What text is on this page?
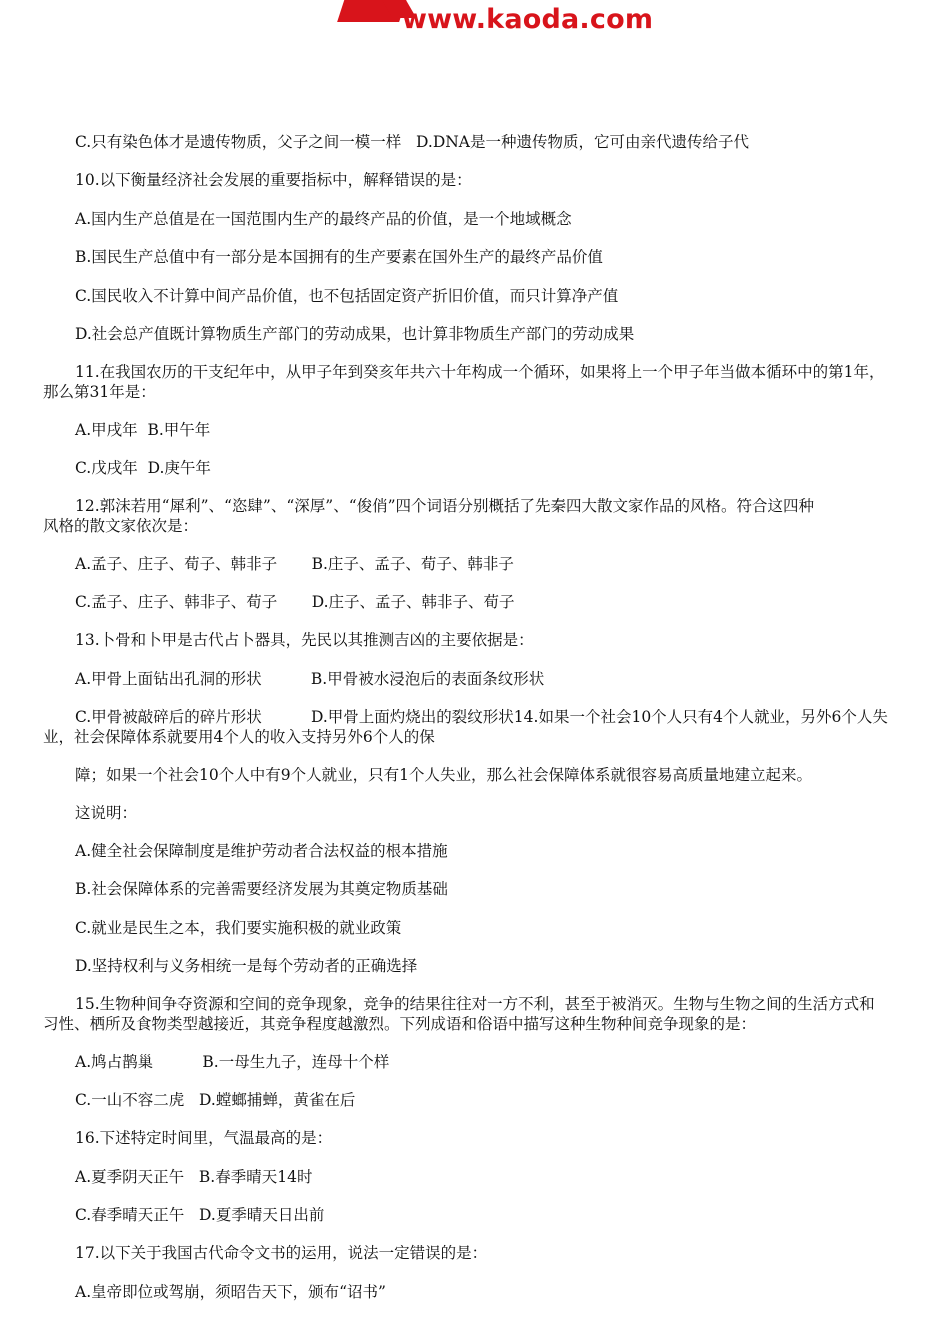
www.kaoda.com
C.只有染色体才是遗传物质，父子之间一模一样   D.DNA是一种遗传物质，它可由亲代遗传给子代
10.以下衡量经济社会发展的重要指标中，解释错误的是：
A.国内生产总值是在一国范围内生产的最终产品的价值，是一个地域概念
B.国民生产总值中有一部分是本国拥有的生产要素在国外生产的最终产品价值
C.国民收入不计算中间产品价值，也不包括固定资产折旧价值，而只计算净产值
D.社会总产值既计算物质生产部门的劳动成果，也计算非物质生产部门的劳动成果
11.在我国农历的干支纪年中，从甲子年到癸亥年共六十年构成一个循环，如果将上一个甲子年当做本循环中的第1年，
那么第31年是：
A.甲戌年  B.甲午年
C.戊戌年  D.庚午年
12.郭沫若用“犀利”、“恣肆”、“深厚”、“俊俏”四个词语分别概括了先秦四大散文家作品的风格。符合这四种
风格的散文家依次是：
A.孟子、庄子、荀子、韩非子       B.庄子、孟子、荀子、韩非子
C.孟子、庄子、韩非子、荀子       D.庄子、孟子、韩非子、荀子
13.卜骨和卜甲是古代占卜器具，先民以其推测吉凶的主要依据是：
A.甲骨上面钻出孔洞的形状          B.甲骨被水浸泡后的表面条纹形状
C.甲骨被敲碎后的碎片形状          D.甲骨上面灼烧出的裂纹形状14.如果一个社会10个人只有4个人就业，另外6个人失
业，社会保障体系就要用4个人的收入支持另外6个人的保
障；如果一个社会10个人中有9个人就业，只有1个人失业，那么社会保障体系就很容易高质量地建立起来。
这说明：
A.健全社会保障制度是维护劳动者合法权益的根本措施
B.社会保障体系的完善需要经济发展为其奠定物质基础
C.就业是民生之本，我们要实施积极的就业政策
D.坚持权利与义务相统一是每个劳动者的正确选择
15.生物种间争夺资源和空间的竞争现象，竞争的结果往往对一方不利，甚至于被消灭。生物与生物之间的生活方式和
习性、栖所及食物类型越接近，其竞争程度越激烈。下列成语和俗语中描写这种生物种间竞争现象的是：
A.鸠占鹊巢          B.一母生九子，连母十个样
C.一山不容二虎   D.螳螂捕蝉，黄雀在后
16.下述特定时间里，气温最高的是：
A.夏季阴天正午   B.春季晴天14时
C.春季晴天正午   D.夏季晴天日出前
17.以下关于我国古代命令文书的运用，说法一定错误的是：
A.皇帝即位或驾崩，须昭告天下，颁布“诏书”
